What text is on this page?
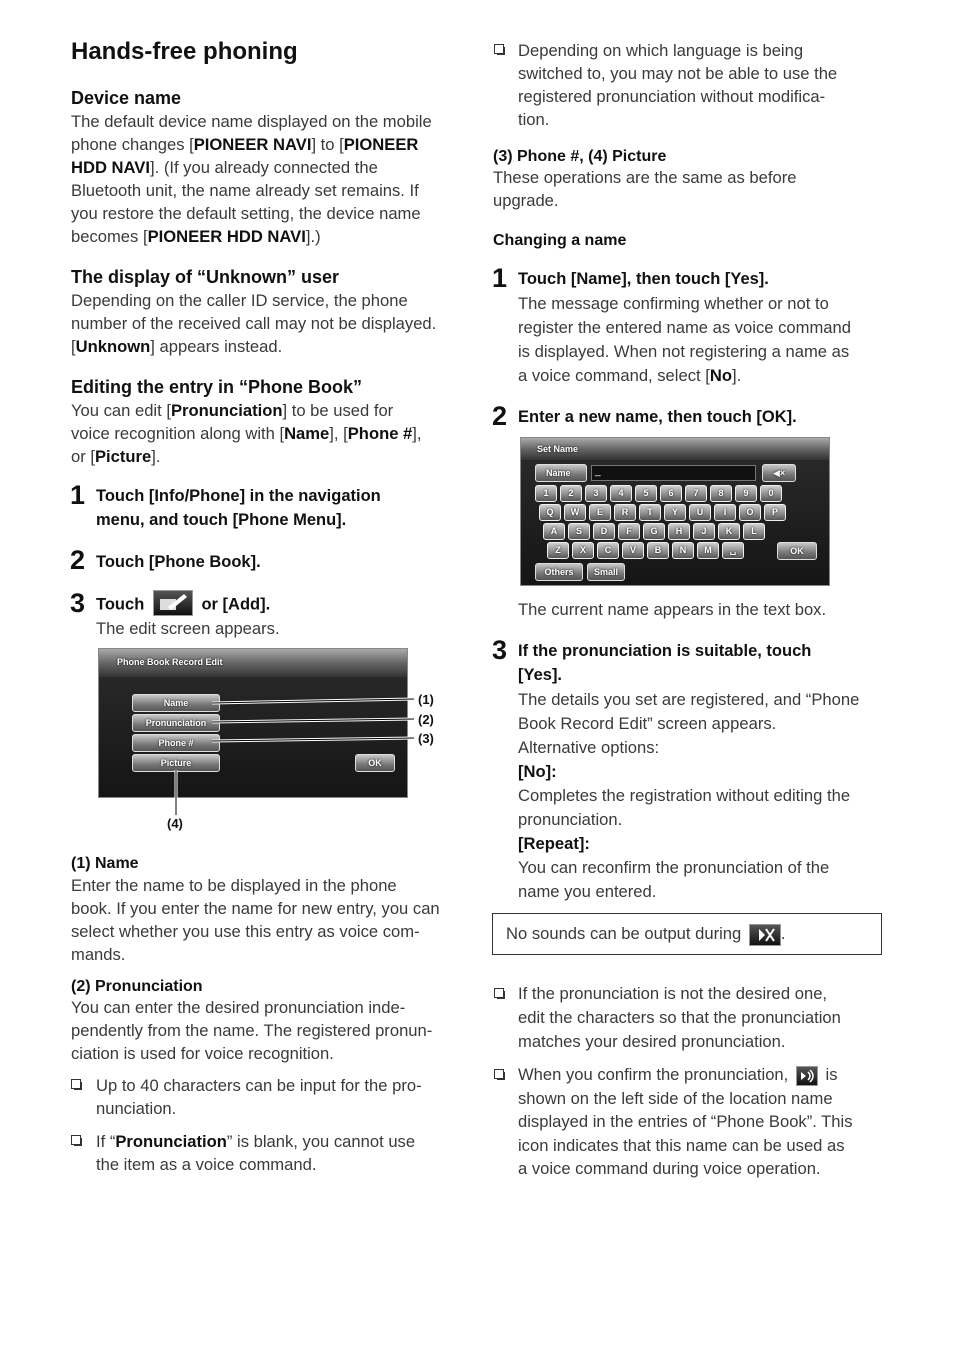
Hands-free phoning
Device name

The default device name displayed on the mobile
phone changes [PIONEER NAVI] to [PIONEER
HDD NAVI]. (If you already connected the
Bluetooth unit, the name already set remains. If
you restore the default setting, the device name
becomes [PIONEER HDD NAVI].)

The display of “Unknown” user

Depending on the caller ID service, the phone
number of the received call may not be displayed.
[Unknown] appears instead.

Editing the entry in “Phone Book”

You can edit [Pronunciation] to be used for
voice recognition along with [Name], [Phone #],
or [Picture].

1 Touch [Info/Phone] in the navigation
menu, and touch [Phone Menu].
2 Touch [Phone Book].
3 Touch	or [Add].

The edit screen appears.

Phone Book Record Edit
Name
Pronunciation
Phone #
Picture	OK
(1)
(2)
(3)
(4)
(1) Name

Enter the name to be displayed in the phone
book. If you enter the name for new entry, you can
select whether you use this entry as voice com-
mands.

(2) Pronunciation

You can enter the desired pronunciation inde-
pendently from the name. The registered pronun-
ciation is used for voice recognition.

Up to 40 characters can be input for the pro-
nunciation.

If “Pronunciation” is blank, you cannot use
the item as a voice command.

Depending on which language is being
switched to, you may not be able to use the
registered pronunciation without modifica-
tion.

(3) Phone #, (4) Picture

These operations are the same as before
upgrade.

Changing a name
1 Touch [Name], then touch [Yes].

The message confirming whether or not to
register the entered name as voice command
is displayed. When not registering a name as
a voice command, select [No].

2 Enter a new name, then touch [OK].
Set Name
Name	_	◀×
1	2	3	4	5	6	7	8	9	0
Q	W	E	R	T	Y	U	I	O	P
A	S	D	F	G	H	J	K	L
Z	X	C	V	B	N	M	␣	OK
Others	Small

The current name appears in the text box.

3 If the pronunciation is suitable, touch
[Yes].

The details you set are registered, and “Phone
Book Record Edit” screen appears.
Alternative options:
[No]:
Completes the registration without editing the
pronunciation.
[Repeat]:
You can reconfirm the pronunciation of the
name you entered.

No sounds can be output during .

If the pronunciation is not the desired one,
edit the characters so that the pronunciation
matches your desired pronunciation.

When you confirm the pronunciation, is
shown on the left side of the location name
displayed in the entries of “Phone Book”. This
icon indicates that this name can be used as
a voice command during voice operation.
